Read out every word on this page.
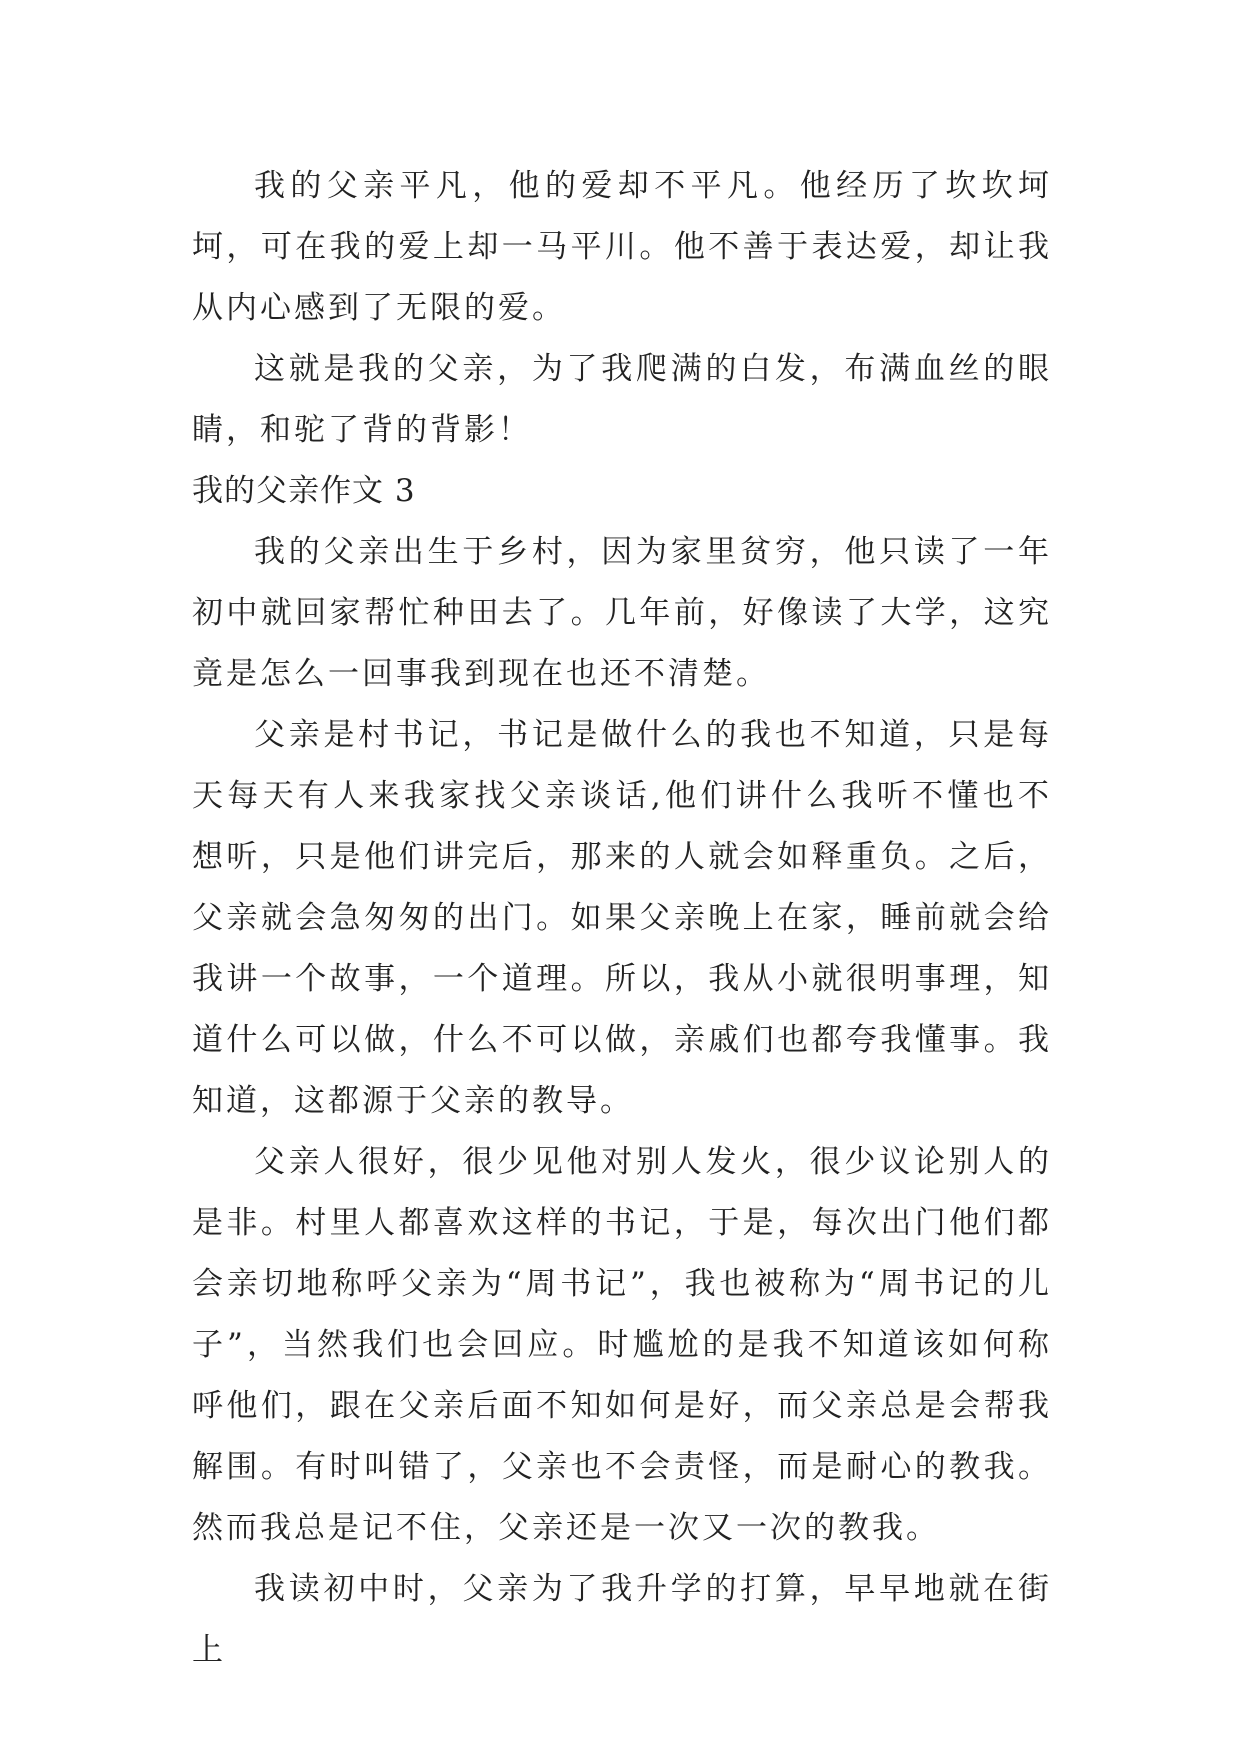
我的父亲平凡，他的爱却不平凡。他经历了坎坎坷坷，可在我的爱上却一马平川。他不善于表达爱，却让我从内心感到了无限的爱。

这就是我的父亲，为了我爬满的白发，布满血丝的眼睛，和驼了背的背影！

我的父亲作文 3

我的父亲出生于乡村，因为家里贫穷，他只读了一年初中就回家帮忙种田去了。几年前，好像读了大学，这究竟是怎么一回事我到现在也还不清楚。

父亲是村书记，书记是做什么的我也不知道，只是每天每天有人来我家找父亲谈话,他们讲什么我听不懂也不想听，只是他们讲完后，那来的人就会如释重负。之后，父亲就会急匆匆的出门。如果父亲晚上在家，睡前就会给我讲一个故事，一个道理。所以，我从小就很明事理，知道什么可以做，什么不可以做，亲戚们也都夸我懂事。我知道，这都源于父亲的教导。

父亲人很好，很少见他对别人发火，很少议论别人的是非。村里人都喜欢这样的书记，于是，每次出门他们都会亲切地称呼父亲为“周书记”，我也被称为“周书记的儿子”，当然我们也会回应。时尴尬的是我不知道该如何称呼他们，跟在父亲后面不知如何是好，而父亲总是会帮我解围。有时叫错了，父亲也不会责怪，而是耐心的教我。然而我总是记不住，父亲还是一次又一次的教我。

我读初中时，父亲为了我升学的打算，早早地就在街上
